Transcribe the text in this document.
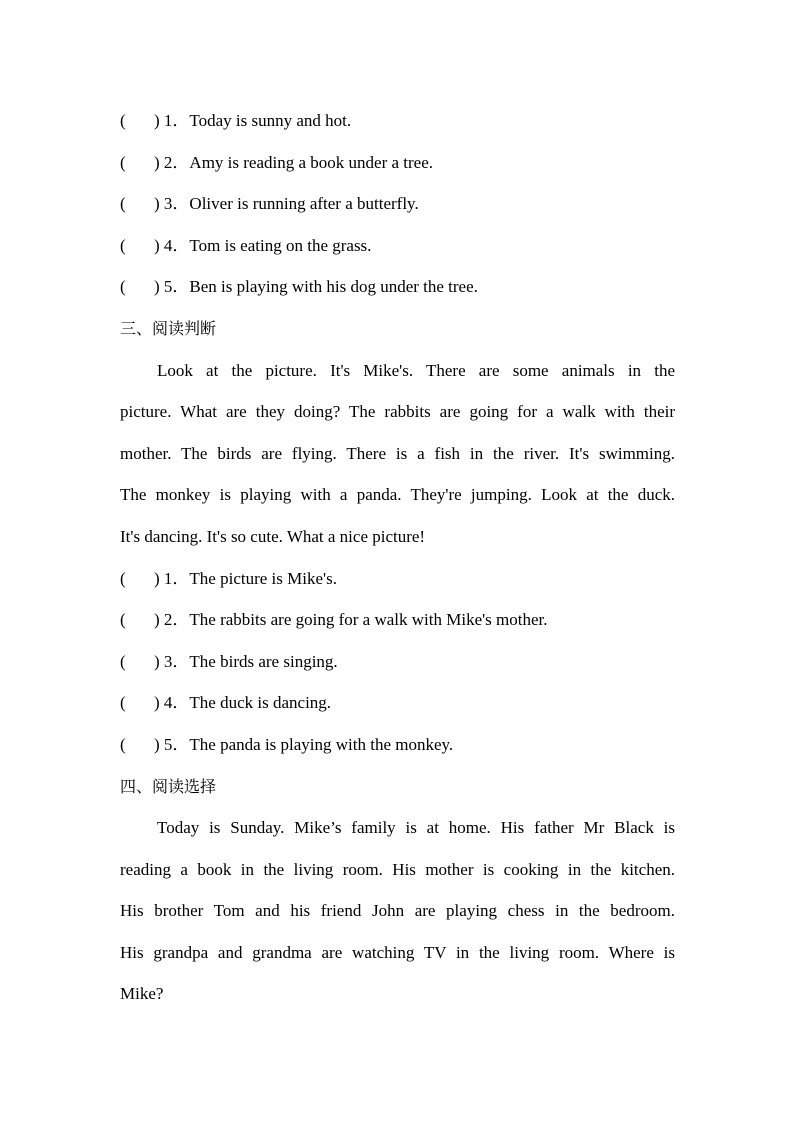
( ) 1．Today is sunny and hot.
( ) 2．Amy is reading a book under a tree.
( ) 3．Oliver is running after a butterfly.
( ) 4．Tom is eating on the grass.
( ) 5．Ben is playing with his dog under the tree.
三、阅读判断
Look at the picture. It's Mike's. There are some animals in the
picture. What are they doing? The rabbits are going for a walk with their
mother. The birds are flying. There is a fish in the river. It's swimming.
The monkey is playing with a panda. They're jumping. Look at the duck.
It's dancing. It's so cute. What a nice picture!
( ) 1．The picture is Mike's.
( ) 2．The rabbits are going for a walk with Mike's mother.
( ) 3．The birds are singing.
( ) 4．The duck is dancing.
( ) 5．The panda is playing with the monkey.
四、阅读选择
Today is Sunday. Mike’s family is at home. His father Mr Black is
reading a book in the living room. His mother is cooking in the kitchen.
His brother Tom and his friend John are playing chess in the bedroom.
His grandpa and grandma are watching TV in the living room. Where is
Mike?
